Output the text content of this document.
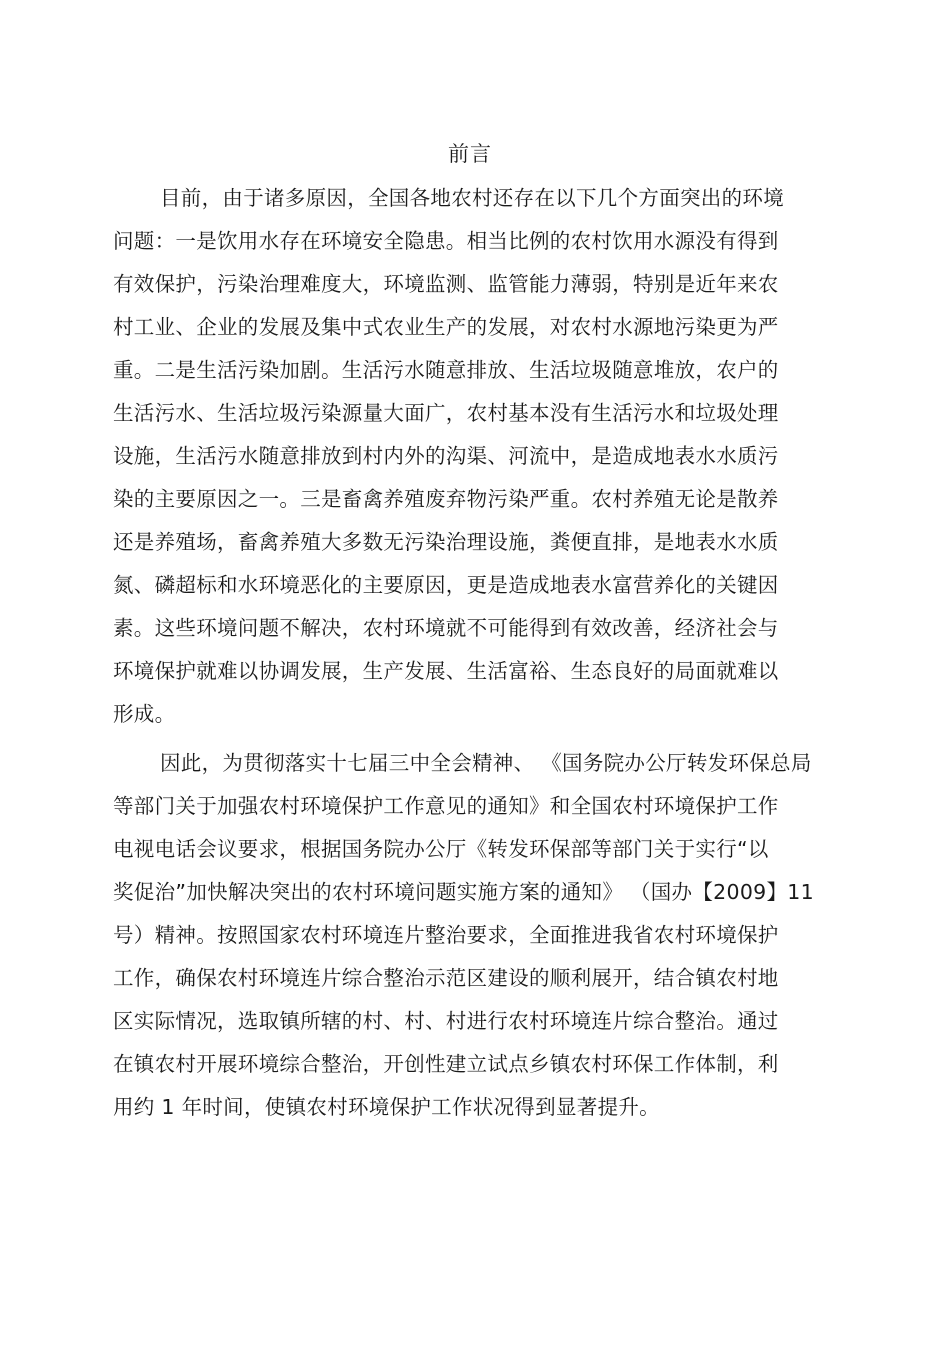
前言
目前，由于诸多原因，全国各地农村还存在以下几个方面突出的环境
问题：一是饮用水存在环境安全隐患。相当比例的农村饮用水源没有得到
有效保护，污染治理难度大，环境监测、监管能力薄弱，特别是近年来农
村工业、企业的发展及集中式农业生产的发展，对农村水源地污染更为严
重。二是生活污染加剧。生活污水随意排放、生活垃圾随意堆放，农户的
生活污水、生活垃圾污染源量大面广，农村基本没有生活污水和垃圾处理
设施，生活污水随意排放到村内外的沟渠、河流中，是造成地表水水质污
染的主要原因之一。三是畜禽养殖废弃物污染严重。农村养殖无论是散养
还是养殖场，畜禽养殖大多数无污染治理设施，粪便直排，是地表水水质
氮、磷超标和水环境恶化的主要原因，更是造成地表水富营养化的关键因
素。这些环境问题不解决，农村环境就不可能得到有效改善，经济社会与
环境保护就难以协调发展，生产发展、生活富裕、生态良好的局面就难以
形成。
因此，为贯彻落实十七届三中全会精神、 《国务院办公厅转发环保总局
等部门关于加强农村环境保护工作意见的通知》和全国农村环境保护工作
电视电话会议要求，根据国务院办公厅《转发环保部等部门关于实行“以
奖促治”加快解决突出的农村环境问题实施方案的通知》 （国办【2009】11
号）精神。按照国家农村环境连片整治要求，全面推进我省农村环境保护
工作，确保农村环境连片综合整治示范区建设的顺利展开，结合镇农村地
区实际情况，选取镇所辖的村、村、村进行农村环境连片综合整治。通过
在镇农村开展环境综合整治，开创性建立试点乡镇农村环保工作体制，利
用约 1 年时间，使镇农村环境保护工作状况得到显著提升。
